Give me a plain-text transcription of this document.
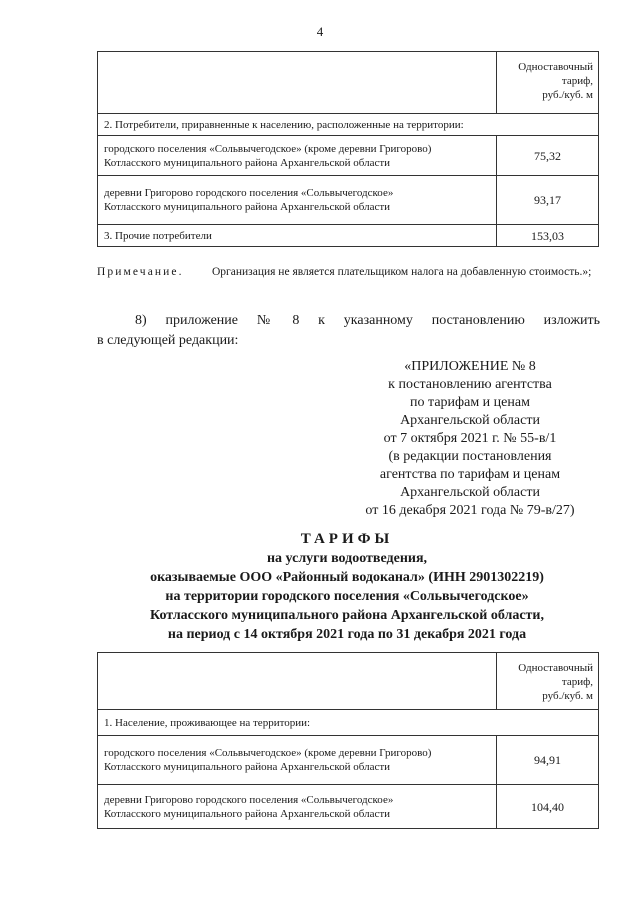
4

	Одноставочный
тариф,
руб./куб. м

2. Потребители, приравненные к населению, расположенные на территории:	

городского поселения «Сольвычегодское» (кроме деревни Григорово)
Котласского муниципального района Архангельской области	75,32

деревни Григорово городского поселения «Сольвычегодское»
Котласского муниципального района Архангельской области	93,17
3. Прочие потребители	153,03
Примечание. Организация не является плательщиком налога на добавленную стоимость.»;
8) приложение № 8 к указанному постановлению изложить
в следующей редакции:
«ПРИЛОЖЕНИЕ № 8
к постановлению агентства
по тарифам и ценам
Архангельской области
от 7 октября 2021 г. № 55-в/1
(в редакции постановления
агентства по тарифам и ценам
Архангельской области
от 16 декабря 2021 года № 79-в/27)
ТАРИФЫ
на услуги водоотведения,
оказываемые ООО «Районный водоканал» (ИНН 2901302219)
на территории городского поселения «Сольвычегодское»
Котласского муниципального района Архангельской области,
на период с 14 октября 2021 года по 31 декабря 2021 года

	Одноставочный
тариф,
руб./куб. м

1. Население, проживающее на территории:	

городского поселения «Сольвычегодское» (кроме деревни Григорово)
Котласского муниципального района Архангельской области	94,91

деревни Григорово городского поселения «Сольвычегодское»
Котласского муниципального района Архангельской области	104,40
